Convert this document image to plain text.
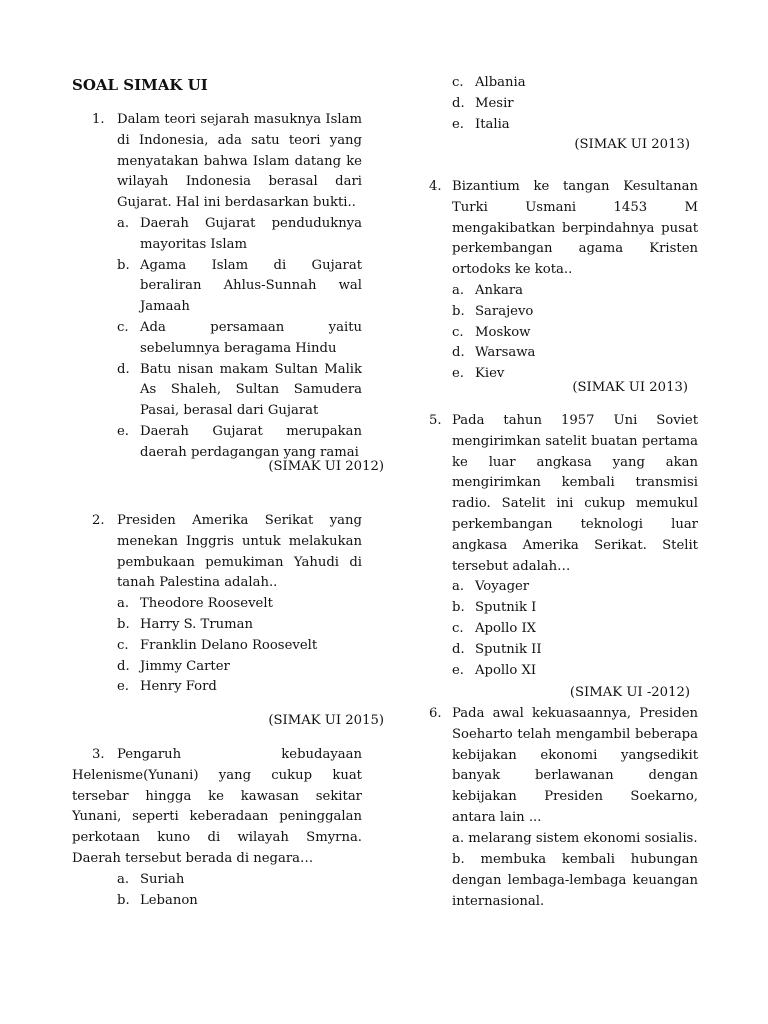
SOAL SIMAK UI
1. Dalam teori sejarah masuknya Islam di Indonesia, ada satu teori yang menyatakan bahwa Islam datang ke wilayah Indonesia berasal dari Gujarat. Hal ini berdasarkan bukti..
a. Daerah Gujarat penduduknya mayoritas Islam
b. Agama Islam di Gujarat beraliran Ahlus-Sunnah wal Jamaah
c. Ada persamaan yaitu sebelumnya beragama Hindu
d. Batu nisan makam Sultan Malik As Shaleh, Sultan Samudera Pasai, berasal dari Gujarat
e. Daerah Gujarat merupakan daerah perdagangan yang ramai
(SIMAK UI 2012)
2. Presiden Amerika Serikat yang menekan Inggris untuk melakukan pembukaan pemukiman Yahudi di tanah Palestina adalah..
a. Theodore Roosevelt
b. Harry S. Truman
c. Franklin Delano Roosevelt
d. Jimmy Carter
e. Henry Ford
(SIMAK UI 2015)
3. Pengaruh kebudayaan Helenisme(Yunani) yang cukup kuat tersebar hingga ke kawasan sekitar Yunani, seperti keberadaan peninggalan perkotaan kuno di wilayah Smyrna. Daerah tersebut berada di negara…
a. Suriah
b. Lebanon
c. Albania
d. Mesir
e. Italia
(SIMAK UI 2013)
4. Bizantium ke tangan Kesultanan Turki Usmani 1453 M mengakibatkan berpindahnya pusat perkembangan agama Kristen ortodoks ke kota..
a. Ankara
b. Sarajevo
c. Moskow
d. Warsawa
e. Kiev
(SIMAK UI 2013)
5. Pada tahun 1957 Uni Soviet mengirimkan satelit buatan pertama ke luar angkasa yang akan mengirimkan kembali transmisi radio. Satelit ini cukup memukul perkembangan teknologi luar angkasa Amerika Serikat. Stelit tersebut adalah…
a. Voyager
b. Sputnik I
c. Apollo IX
d. Sputnik II
e. Apollo XI
(SIMAK UI -2012)
6. Pada awal kekuasaannya, Presiden Soeharto telah mengambil beberapa kebijakan ekonomi yangsedikit banyak berlawanan dengan kebijakan Presiden Soekarno, antara lain ...
a. melarang sistem ekonomi sosialis.
b. membuka kembali hubungan dengan lembaga-lembaga keuangan internasional.
